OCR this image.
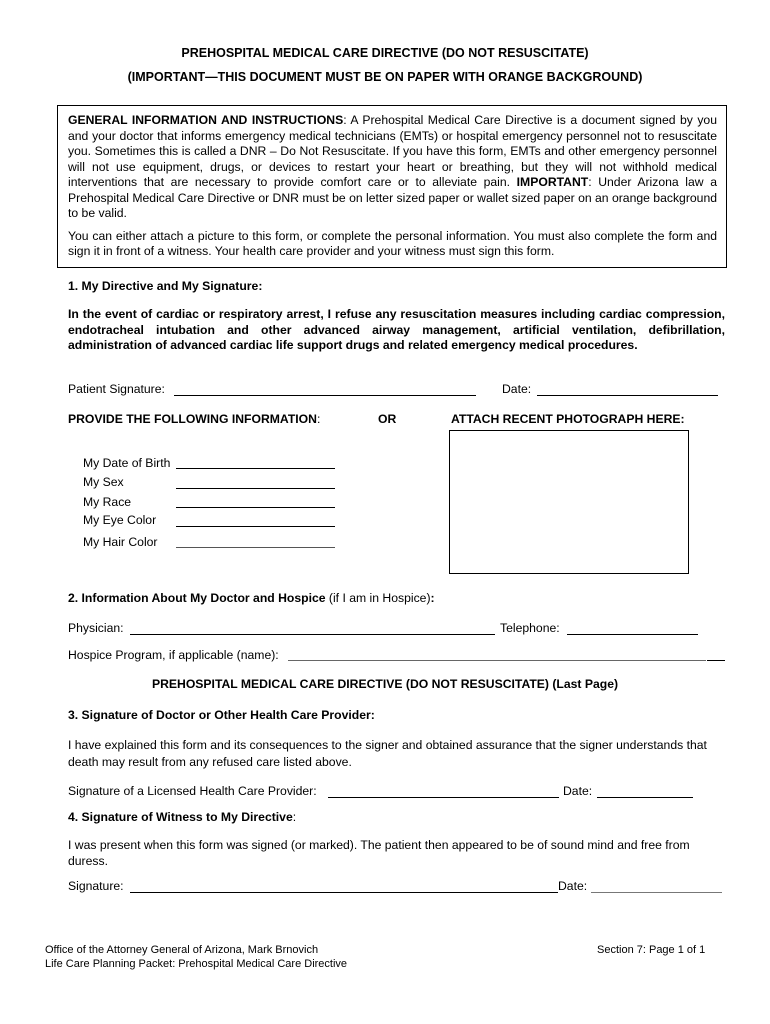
PREHOSPITAL MEDICAL CARE DIRECTIVE (DO NOT RESUSCITATE)
(IMPORTANT—THIS DOCUMENT MUST BE ON PAPER WITH ORANGE BACKGROUND)

GENERAL INFORMATION AND INSTRUCTIONS: A Prehospital Medical Care Directive is a document signed by you and your doctor that informs emergency medical technicians (EMTs) or hospital emergency personnel not to resuscitate you. Sometimes this is called a DNR – Do Not Resuscitate. If you have this form, EMTs and other emergency personnel will not use equipment, drugs, or devices to restart your heart or breathing, but they will not withhold medical interventions that are necessary to provide comfort care or to alleviate pain. IMPORTANT: Under Arizona law a Prehospital Medical Care Directive or DNR must be on letter sized paper or wallet sized paper on an orange background to be valid.

You can either attach a picture to this form, or complete the personal information. You must also complete the form and sign it in front of a witness. Your health care provider and your witness must sign this form.

1. My Directive and My Signature:
In the event of cardiac or respiratory arrest, I refuse any resuscitation measures including cardiac compression, endotracheal intubation and other advanced airway management, artificial ventilation, defibrillation, administration of advanced cardiac life support drugs and related emergency medical procedures.
Patient Signature:	Date:
PROVIDE THE FOLLOWING INFORMATION:	OR	ATTACH RECENT PHOTOGRAPH HERE:
My Date of Birth
My Sex
My Race
My Eye Color
My Hair Color
2. Information About My Doctor and Hospice (if I am in Hospice):
Physician:	Telephone:
Hospice Program, if applicable (name):
PREHOSPITAL MEDICAL CARE DIRECTIVE (DO NOT RESUSCITATE) (Last Page)
3. Signature of Doctor or Other Health Care Provider:
I have explained this form and its consequences to the signer and obtained assurance that the signer understands that death may result from any refused care listed above.
Signature of a Licensed Health Care Provider:	Date:
4. Signature of Witness to My Directive:
I was present when this form was signed (or marked). The patient then appeared to be of sound mind and free from duress.
Signature:	Date:
Office of the Attorney General of Arizona, Mark Brnovich
Life Care Planning Packet: Prehospital Medical Care Directive
Section 7: Page 1 of 1
